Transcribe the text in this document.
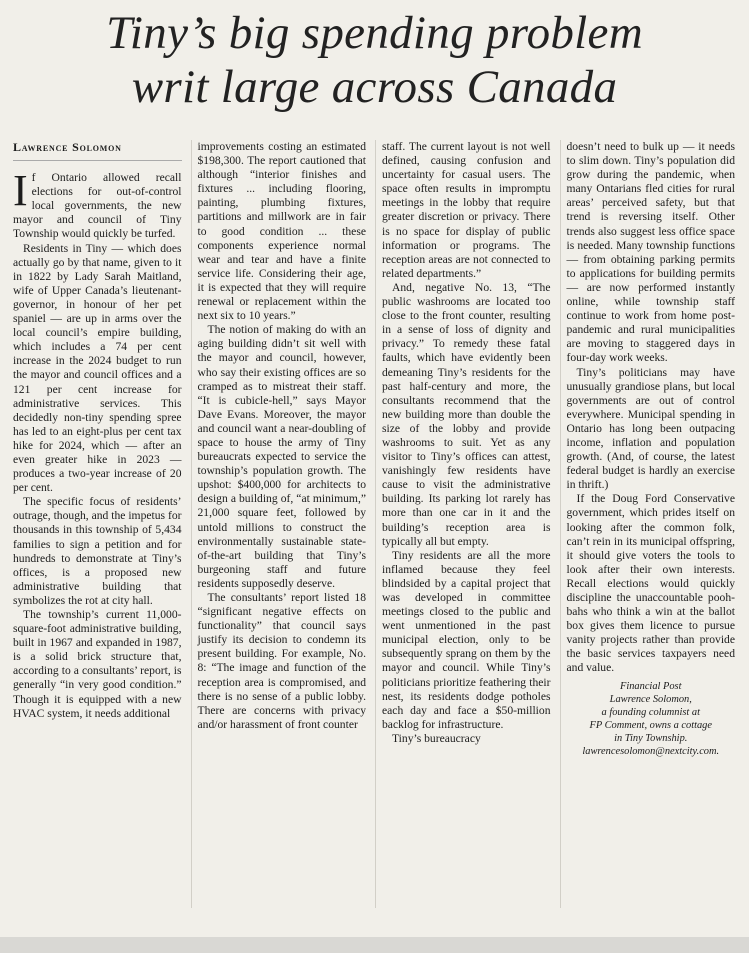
Tiny’s big spending problem
writ large across Canada
Lawrence Solomon

If Ontario allowed recall elections for out-of-control local governments, the new mayor and council of Tiny Township would quickly be turfed.

Residents in Tiny — which does actually go by that name, given to it in 1822 by Lady Sarah Maitland, wife of Upper Canada’s lieutenant-governor, in honour of her pet spaniel — are up in arms over the local council’s empire building, which includes a 74 per cent increase in the 2024 budget to run the mayor and council offices and a 121 per cent increase for administrative services. This decidedly non-tiny spending spree has led to an eight-plus per cent tax hike for 2024, which — after an even greater hike in 2023 — produces a two-year increase of 20 per cent.

The specific focus of residents’ outrage, though, and the impetus for thousands in this township of 5,434 families to sign a petition and for hundreds to demonstrate at Tiny’s offices, is a proposed new administrative building that symbolizes the rot at city hall.

The township’s current 11,000-square-foot administrative building, built in 1967 and expanded in 1987, is a solid brick structure that, according to a consultants’ report, is generally “in very good condition.” Though it is equipped with a new HVAC system, it needs additional

improvements costing an estimated $198,300. The report cautioned that although “interior finishes and fixtures ... including flooring, painting, plumbing fixtures, partitions and millwork are in fair to good condition ... these components experience normal wear and tear and have a finite service life. Considering their age, it is expected that they will require renewal or replacement within the next six to 10 years.”

The notion of making do with an aging building didn’t sit well with the mayor and council, however, who say their existing offices are so cramped as to mistreat their staff. “It is cubicle-hell,” says Mayor Dave Evans. Moreover, the mayor and council want a near-doubling of space to house the army of Tiny bureaucrats expected to service the township’s population growth. The upshot: $400,000 for architects to design a building of, “at minimum,” 21,000 square feet, followed by untold millions to construct the environmentally sustainable state-of-the-art building that Tiny’s burgeoning staff and future residents supposedly deserve.

The consultants’ report listed 18 “significant negative effects on functionality” that council says justify its decision to condemn its present building. For example, No. 8: “The image and function of the reception area is compromised, and there is no sense of a public lobby. There are concerns with privacy and/or harassment of front counter

staff. The current layout is not well defined, causing confusion and uncertainty for casual users. The space often results in impromptu meetings in the lobby that require greater discretion or privacy. There is no space for display of public information or programs. The reception areas are not connected to related departments.”

And, negative No. 13, “The public washrooms are located too close to the front counter, resulting in a sense of loss of dignity and privacy.” To remedy these fatal faults, which have evidently been demeaning Tiny’s residents for the past half-century and more, the consultants recommend that the new building more than double the size of the lobby and provide washrooms to suit. Yet as any visitor to Tiny’s offices can attest, vanishingly few residents have cause to visit the administrative building. Its parking lot rarely has more than one car in it and the building’s reception area is typically all but empty.

Tiny residents are all the more inflamed because they feel blindsided by a capital project that was developed in committee meetings closed to the public and went unmentioned in the past municipal election, only to be subsequently sprang on them by the mayor and council. While Tiny’s politicians prioritize feathering their nest, its residents dodge potholes each day and face a $50-million backlog for infrastructure.

Tiny’s bureaucracy

doesn’t need to bulk up — it needs to slim down. Tiny’s population did grow during the pandemic, when many Ontarians fled cities for rural areas’ perceived safety, but that trend is reversing itself. Other trends also suggest less office space is needed. Many township functions — from obtaining parking permits to applications for building permits — are now performed instantly online, while township staff continue to work from home post-pandemic and rural municipalities are moving to staggered days in four-day work weeks.

Tiny’s politicians may have unusually grandiose plans, but local governments are out of control everywhere. Municipal spending in Ontario has long been outpacing income, inflation and population growth. (And, of course, the latest federal budget is hardly an exercise in thrift.)

If the Doug Ford Conservative government, which prides itself on looking after the common folk, can’t rein in its municipal offspring, it should give voters the tools to look after their own interests. Recall elections would quickly discipline the unaccountable pooh-bahs who think a win at the ballot box gives them licence to pursue vanity projects rather than provide the basic services taxpayers need and value.

Financial Post
Lawrence Solomon,
a founding columnist at
FP Comment, owns a cottage
in Tiny Township.
lawrencesolomon@nextcity.com.
